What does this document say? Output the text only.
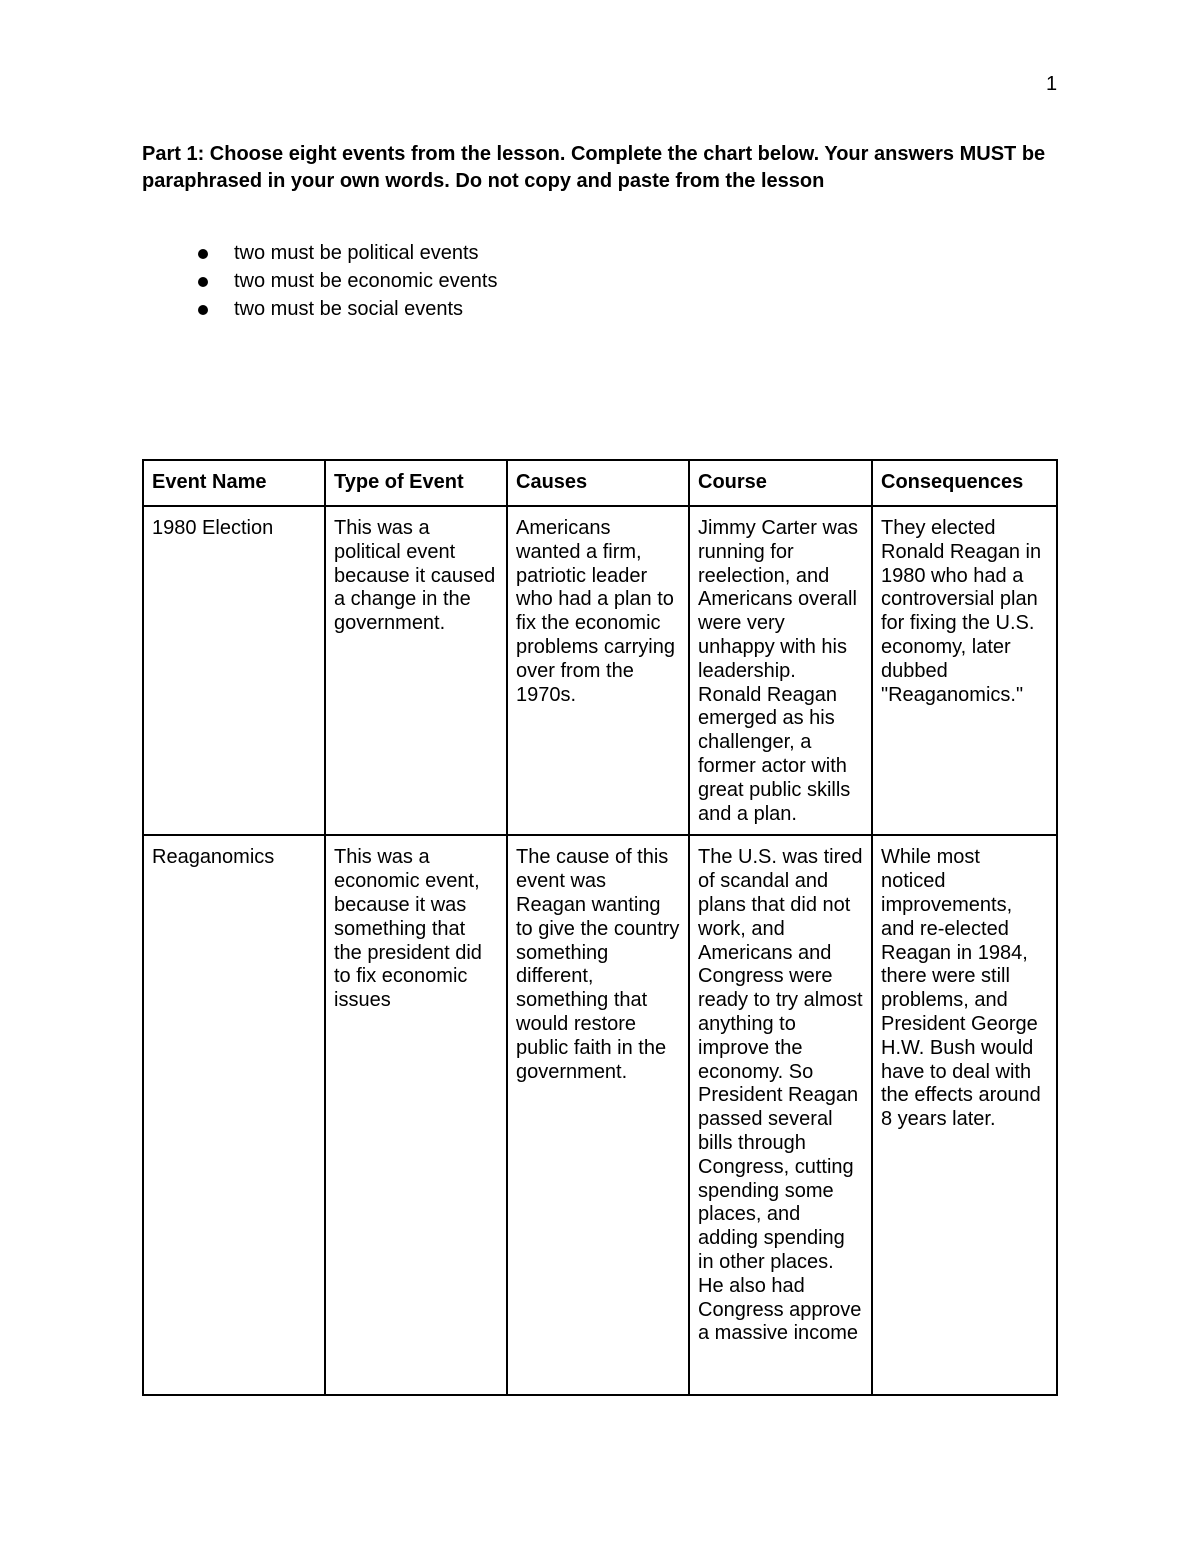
1

Part 1: Choose eight events from the lesson. Complete the chart below. Your answers MUST be paraphrased in your own words. Do not copy and paste from the lesson

two must be political events
two must be economic events
two must be social events
Event Name	Type of Event	Causes	Course	Consequences
1980 Election	This was a political event because it caused a change in the government.	Americans wanted a firm, patriotic leader who had a plan to fix the economic problems carrying over from the 1970s.	Jimmy Carter was running for reelection, and Americans overall were very unhappy with his leadership. Ronald Reagan emerged as his challenger, a former actor with great public skills and a plan.	They elected Ronald Reagan in 1980 who had a controversial plan for fixing the U.S. economy, later dubbed "Reaganomics."
Reaganomics	This was a economic event, because it was something that the president did to fix economic issues	The cause of this event was Reagan wanting to give the country something different, something that would restore public faith in the government.	The U.S. was tired of scandal and plans that did not work, and Americans and Congress were ready to try almost anything to improve the economy. So President Reagan passed several bills through Congress, cutting spending some places, and adding spending in other places. He also had Congress approve a massive income	While most noticed improvements, and re-elected Reagan in 1984, there were still problems, and President George H.W. Bush would have to deal with the effects around 8 years later.
